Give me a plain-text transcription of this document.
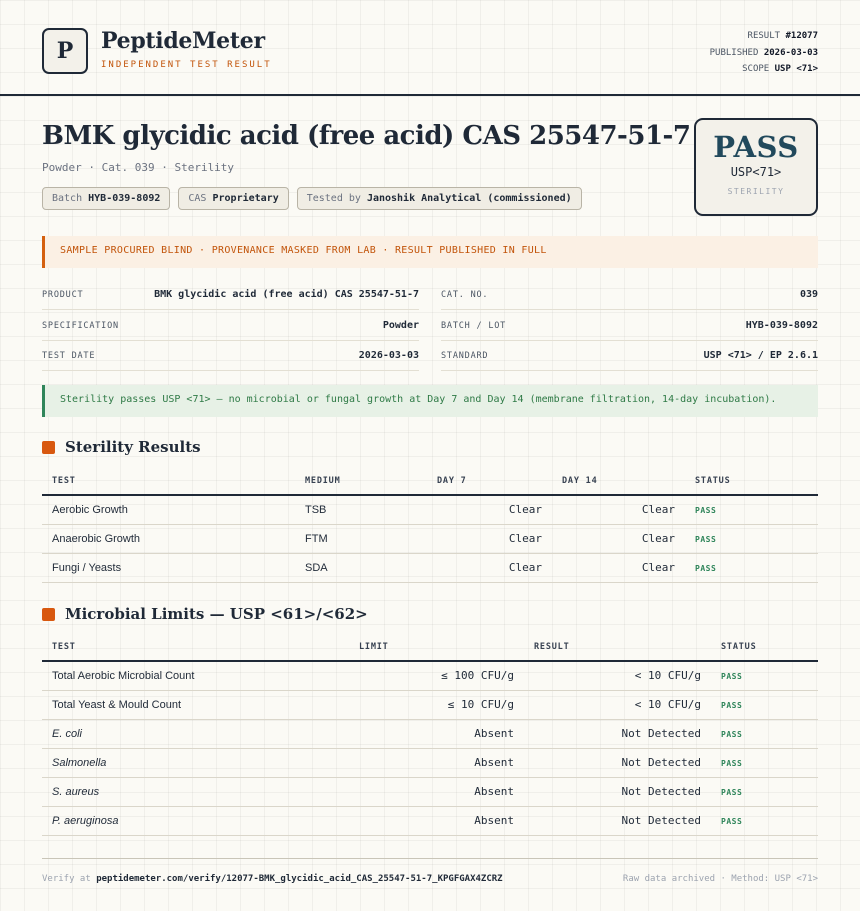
P	PeptideMeter
INDEPENDENT TEST RESULT
RESULT #12077
PUBLISHED 2026-03-03
SCOPE USP <71>
BMK glycidic acid (free acid) CAS 25547-51-7
Powder · Cat. 039 · Sterility
Batch HYB-039-8092	CAS Proprietary	Tested by Janoshik Analytical (commissioned)
PASS
USP<71>
STERILITY
SAMPLE PROCURED BLIND · PROVENANCE MASKED FROM LAB · RESULT PUBLISHED IN FULL
PRODUCT	BMK glycidic acid (free acid) CAS 25547-51-7
SPECIFICATION	Powder
TEST DATE	2026-03-03
CAT. NO.	039
BATCH / LOT	HYB-039-8092
STANDARD	USP <71> / EP 2.6.1
Sterility passes USP <71> — no microbial or fungal growth at Day 7 and Day 14 (membrane filtration, 14-day incubation).
Sterility Results
TEST	MEDIUM	DAY 7	DAY 14	STATUS
Aerobic Growth	TSB	Clear	Clear	PASS
Anaerobic Growth	FTM	Clear	Clear	PASS
Fungi / Yeasts	SDA	Clear	Clear	PASS
Microbial Limits — USP <61>/<62>
TEST	LIMIT	RESULT	STATUS
Total Aerobic Microbial Count	≤ 100 CFU/g	< 10 CFU/g	PASS
Total Yeast & Mould Count	≤ 10 CFU/g	< 10 CFU/g	PASS
E. coli	Absent	Not Detected	PASS
Salmonella	Absent	Not Detected	PASS
S. aureus	Absent	Not Detected	PASS
P. aeruginosa	Absent	Not Detected	PASS
Verify at peptidemeter.com/verify/12077-BMK_glycidic_acid_CAS_25547-51-7_KPGFGAX4ZCRZ	Raw data archived · Method: USP <71>
